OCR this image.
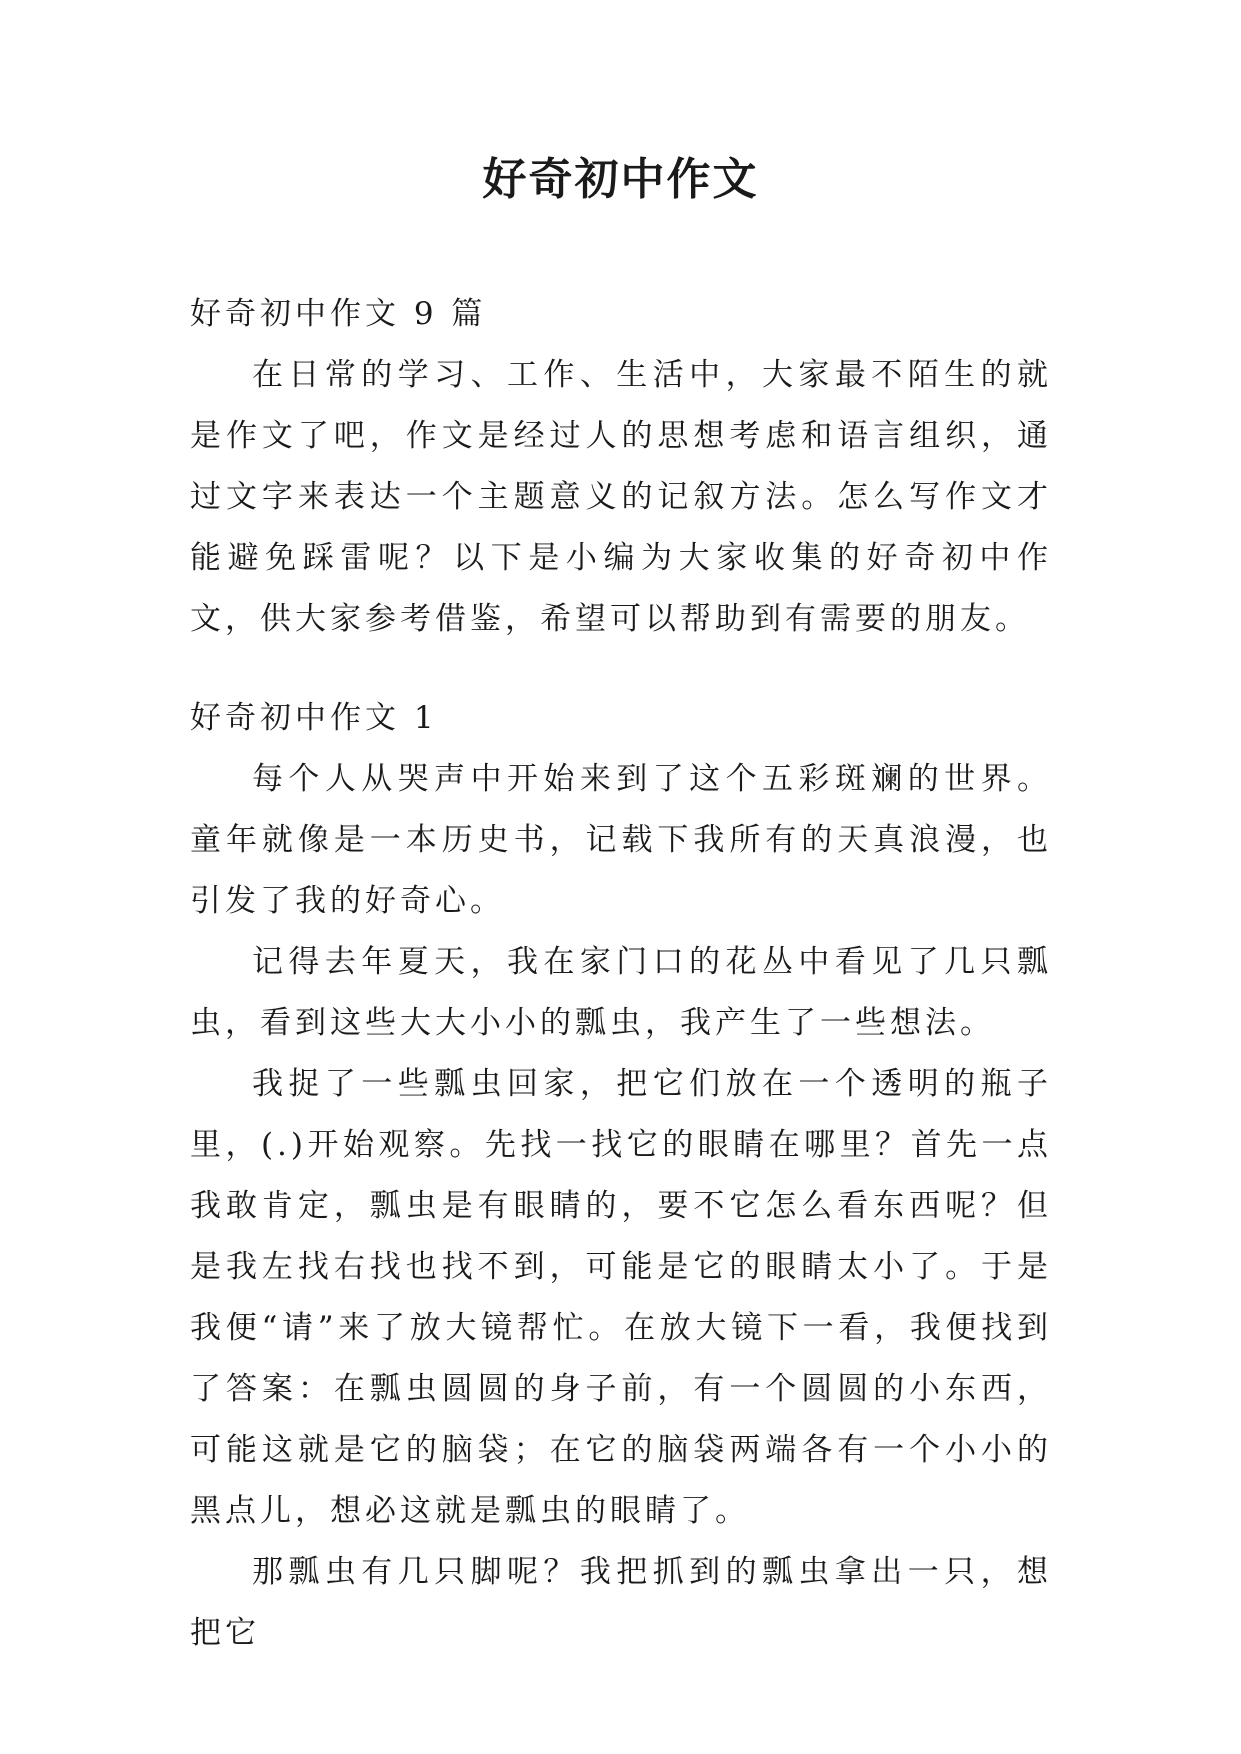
好奇初中作文
好奇初中作文 9 篇

在日常的学习、工作、生活中，大家最不陌生的就是作文了吧，作文是经过人的思想考虑和语言组织，通过文字来表达一个主题意义的记叙方法。怎么写作文才能避免踩雷呢？以下是小编为大家收集的好奇初中作文，供大家参考借鉴，希望可以帮助到有需要的朋友。

好奇初中作文 1

每个人从哭声中开始来到了这个五彩斑斓的世界。童年就像是一本历史书，记载下我所有的天真浪漫，也引发了我的好奇心。

记得去年夏天，我在家门口的花丛中看见了几只瓢虫，看到这些大大小小的瓢虫，我产生了一些想法。

我捉了一些瓢虫回家，把它们放在一个透明的瓶子里，(.)开始观察。先找一找它的眼睛在哪里？首先一点我敢肯定，瓢虫是有眼睛的，要不它怎么看东西呢？但是我左找右找也找不到，可能是它的眼睛太小了。于是我便“请”来了放大镜帮忙。在放大镜下一看，我便找到了答案：在瓢虫圆圆的身子前，有一个圆圆的小东西，可能这就是它的脑袋；在它的脑袋两端各有一个小小的黑点儿，想必这就是瓢虫的眼睛了。

那瓢虫有几只脚呢？我把抓到的瓢虫拿出一只，想把它
